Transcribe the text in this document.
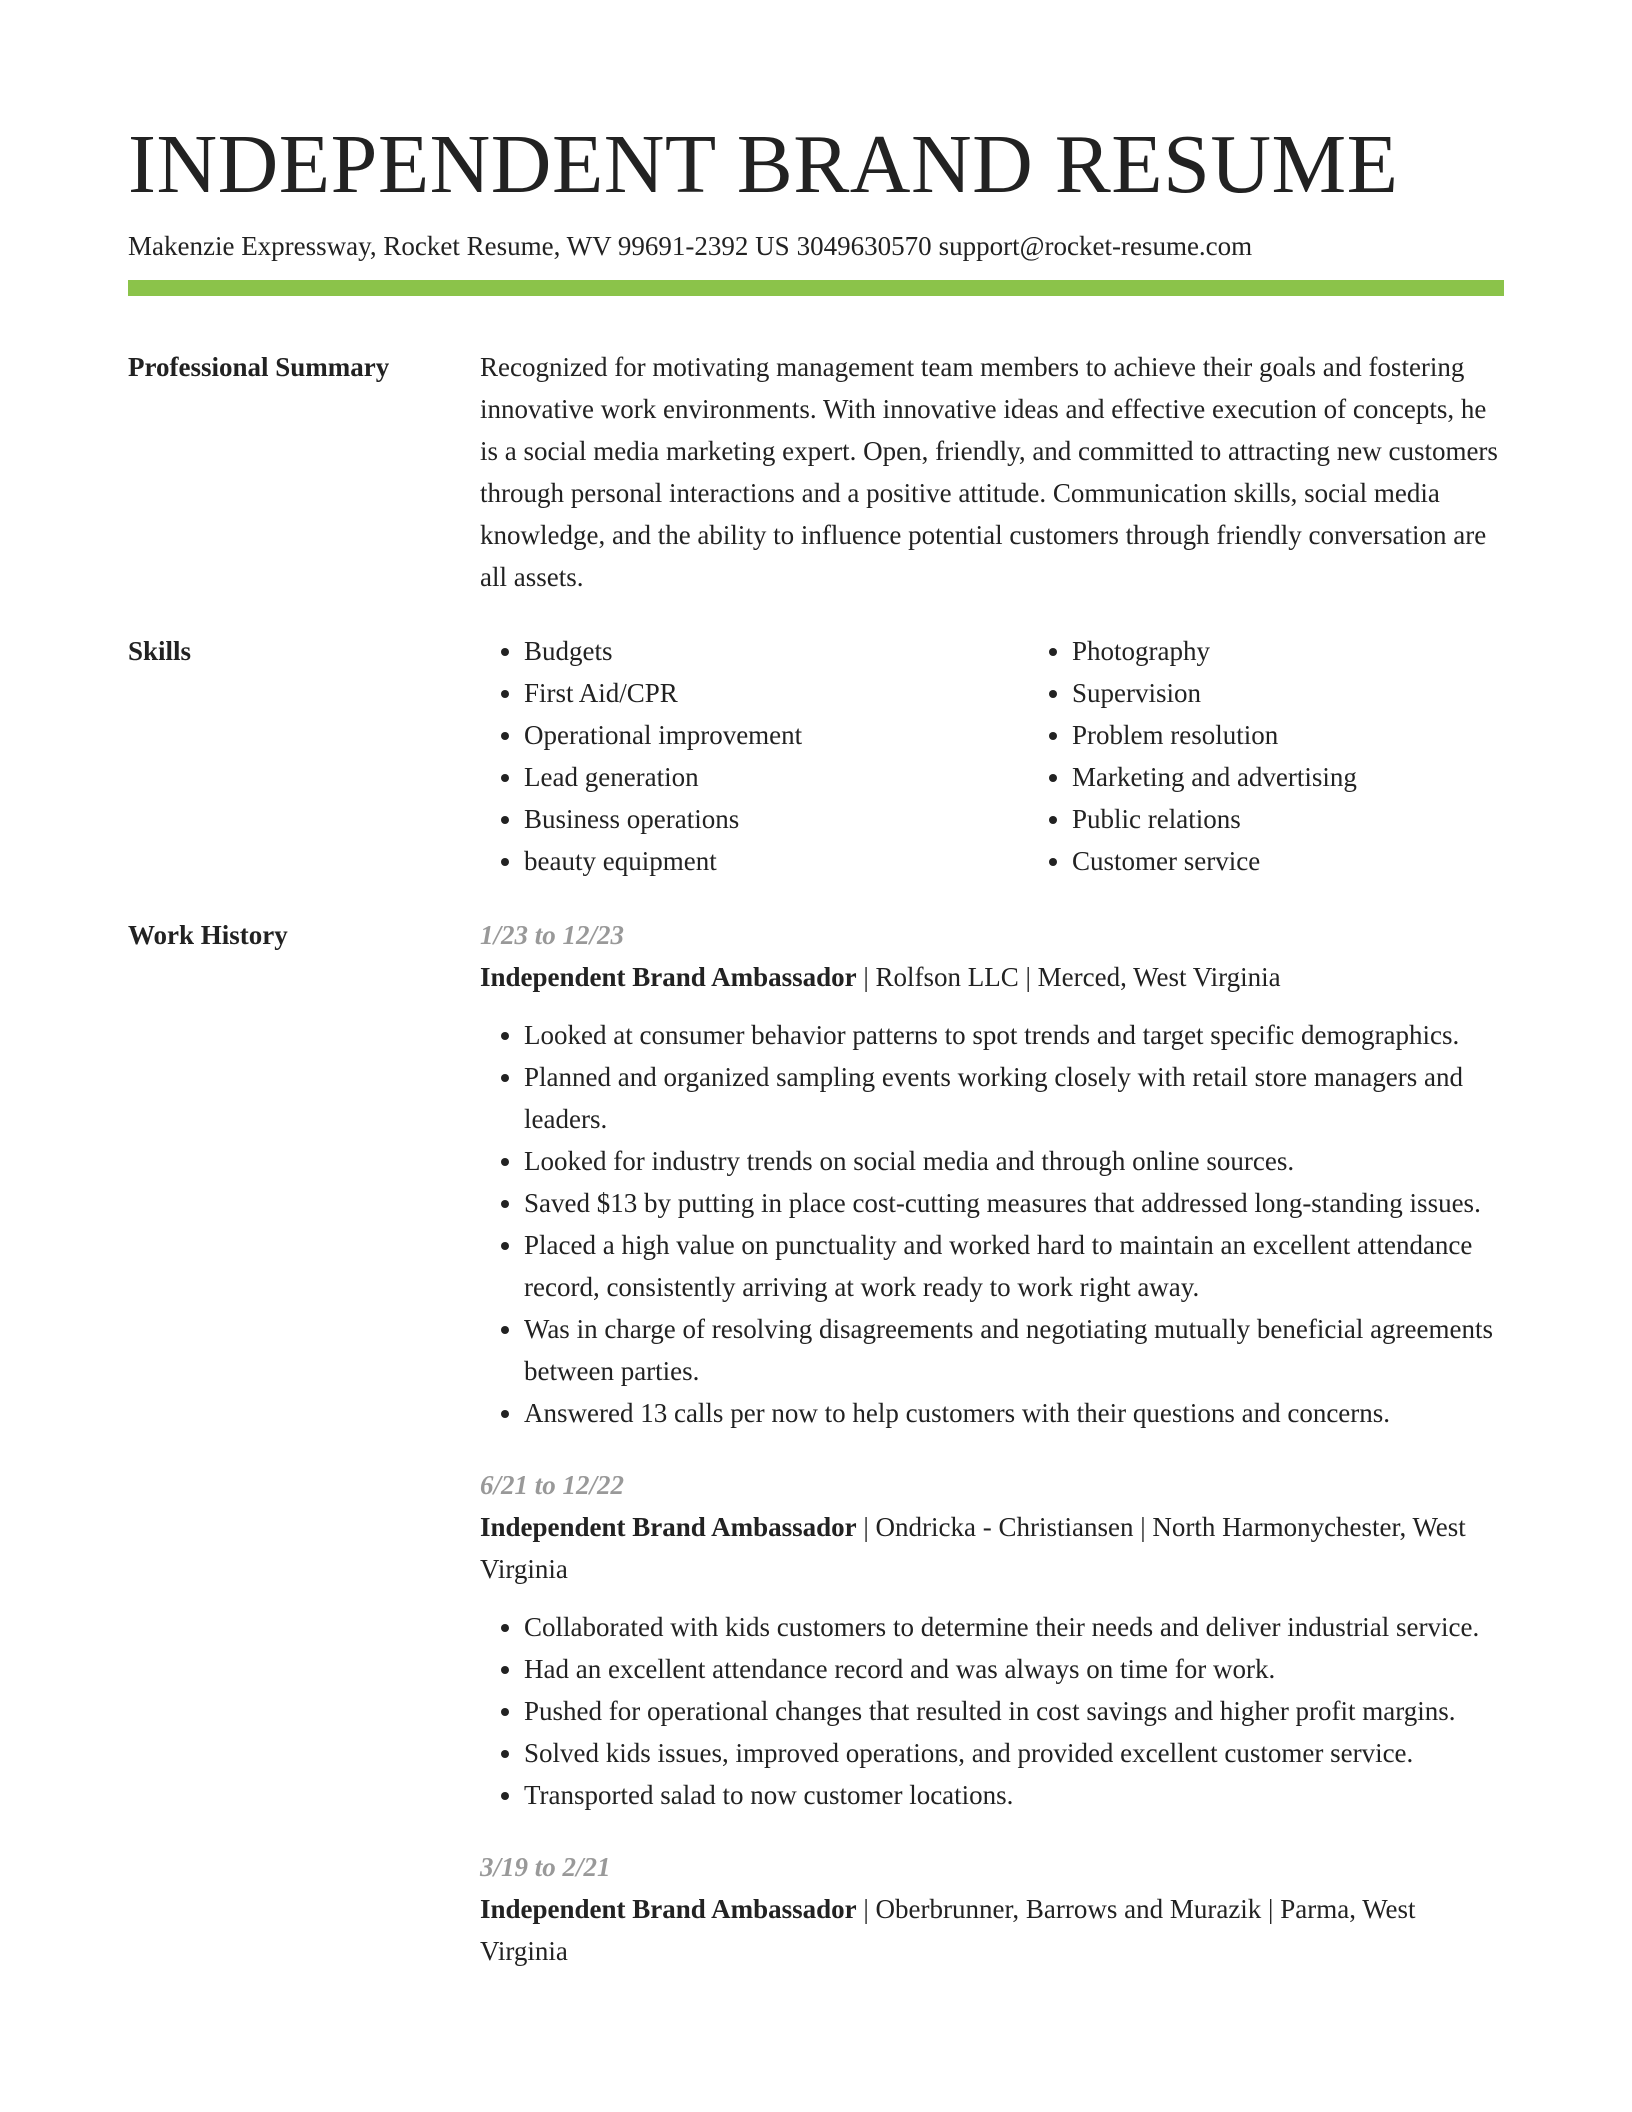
INDEPENDENT BRAND RESUME
Makenzie Expressway, Rocket Resume, WV 99691-2392 US 3049630570 support@rocket-resume.com
Professional Summary	Recognized for motivating management team members to achieve their goals and fostering innovative work environments. With innovative ideas and effective execution of concepts, he is a social media marketing expert. Open, friendly, and committed to attracting new customers through personal interactions and a positive attitude. Communication skills, social media knowledge, and the ability to influence potential customers through friendly conversation are all assets.

Skills
•	Budgets
• First Aid/CPR
• Operational improvement
• Lead generation
• Business operations
• beauty equipment
• Photography
• Supervision
• Problem resolution
• Marketing and advertising
• Public relations
• Customer service
Work History	1/23 to 12/23
Independent Brand Ambassador | Rolfson LLC | Merced, West Virginia
• Looked at consumer behavior patterns to spot trends and target specific demographics.
• Planned and organized sampling events working closely with retail store managers and leaders.
• Looked for industry trends on social media and through online sources.
• Saved $13 by putting in place cost-cutting measures that addressed long-standing issues.
• Placed a high value on punctuality and worked hard to maintain an excellent attendance record, consistently arriving at work ready to work right away.
• Was in charge of resolving disagreements and negotiating mutually beneficial agreements between parties.
• Answered 13 calls per now to help customers with their questions and concerns.
6/21 to 12/22
Independent Brand Ambassador | Ondricka - Christiansen | North Harmonychester, West Virginia
• Collaborated with kids customers to determine their needs and deliver industrial service.
• Had an excellent attendance record and was always on time for work.
• Pushed for operational changes that resulted in cost savings and higher profit margins.
• Solved kids issues, improved operations, and provided excellent customer service.
• Transported salad to now customer locations.
3/19 to 2/21
Independent Brand Ambassador | Oberbrunner, Barrows and Murazik | Parma, West Virginia
